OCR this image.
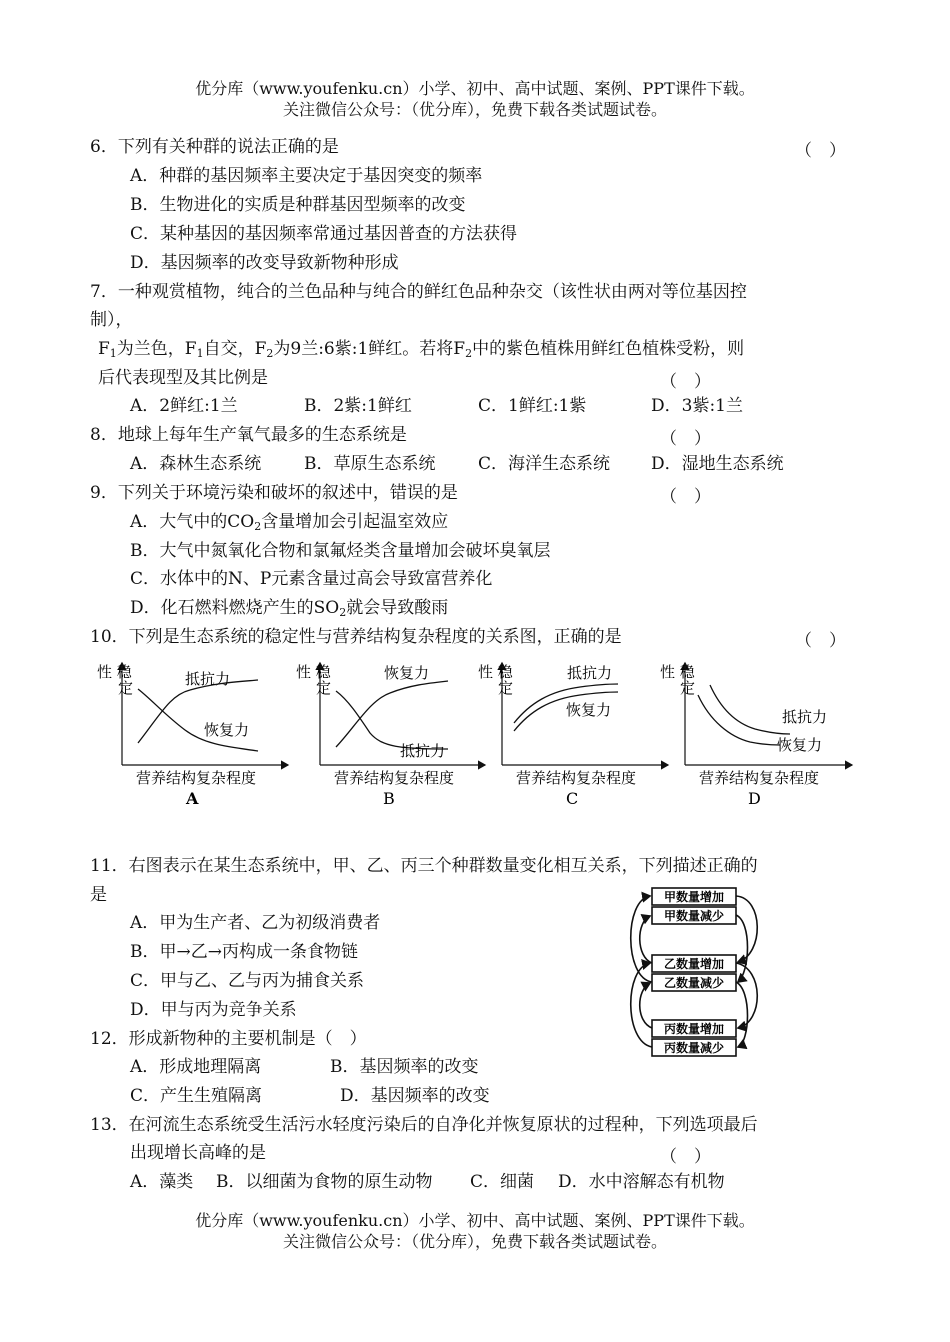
优分库（www.youfenku.cn）小学、初中、高中试题、案例、PPT课件下载。
关注微信公众号：（优分库），免费下载各类试题试卷。
6．下列有关种群的说法正确的是	（　）
A．种群的基因频率主要决定于基因突变的频率
B．生物进化的实质是种群基因型频率的改变
C．某种基因的基因频率常通过基因普查的方法获得
D．基因频率的改变导致新物种形成
7．一种观赏植物，纯合的兰色品种与纯合的鲜红色品种杂交（该性状由两对等位基因控
制），
$F_1$为兰色，$F_1$自交，$F_2$为9兰:6紫:1鲜红。若将$F_2$中的紫色植株用鲜红色植株受粉，则
后代表现型及其比例是	（　）
A．2鲜红:1兰	B．2紫:1鲜红	C．1鲜红:1紫	D．3紫:1兰
8．地球上每年生产氧气最多的生态系统是	（　）
A．森林生态系统	B．草原生态系统	C．海洋生态系统 D．湿地生态系统
9．下列关于环境污染和破坏的叙述中，错误的是	（　）
A．大气中的$CO_2$含量增加会引起温室效应
B．大气中氮氧化合物和氯氟烃类含量增加会破坏臭氧层
C．水体中的N、P元素含量过高会导致富营养化
D．化石燃料燃烧产生的$SO_2$就会导致酸雨
10．下列是生态系统的稳定性与营养结构复杂程度的关系图，正确的是	（　）
性 稳
定	抵抗力
恢复力
营养结构复杂程度
A
性 稳
定
恢复力
抵抗力
营养结构复杂程度
B
性 稳
定
抵抗力
恢复力
营养结构复杂程度
C
性 稳
定
抵抗力
恢复力
营养结构复杂程度
D
11．右图表示在某生态系统中，甲、乙、丙三个种群数量变化相互关系，下列描述正确的
是
A．甲为生产者、乙为初级消费者
B．甲→乙→丙构成一条食物链
C．甲与乙、乙与丙为捕食关系
D．甲与丙为竞争关系
甲数量增加
甲数量减少
乙数量增加
乙数量减少
丙数量增加
丙数量减少
12．形成新物种的主要机制是（　）
A．形成地理隔离	B．基因频率的改变
C．产生生殖隔离	D．基因频率的改变
13．在河流生态系统受生活污水轻度污染后的自净化并恢复原状的过程种，下列选项最后
出现增长高峰的是	（　）
A．藻类 B．以细菌为食物的原生动物 C．细菌 D．水中溶解态有机物
优分库（www.youfenku.cn）小学、初中、高中试题、案例、PPT课件下载。
关注微信公众号：（优分库），免费下载各类试题试卷。
